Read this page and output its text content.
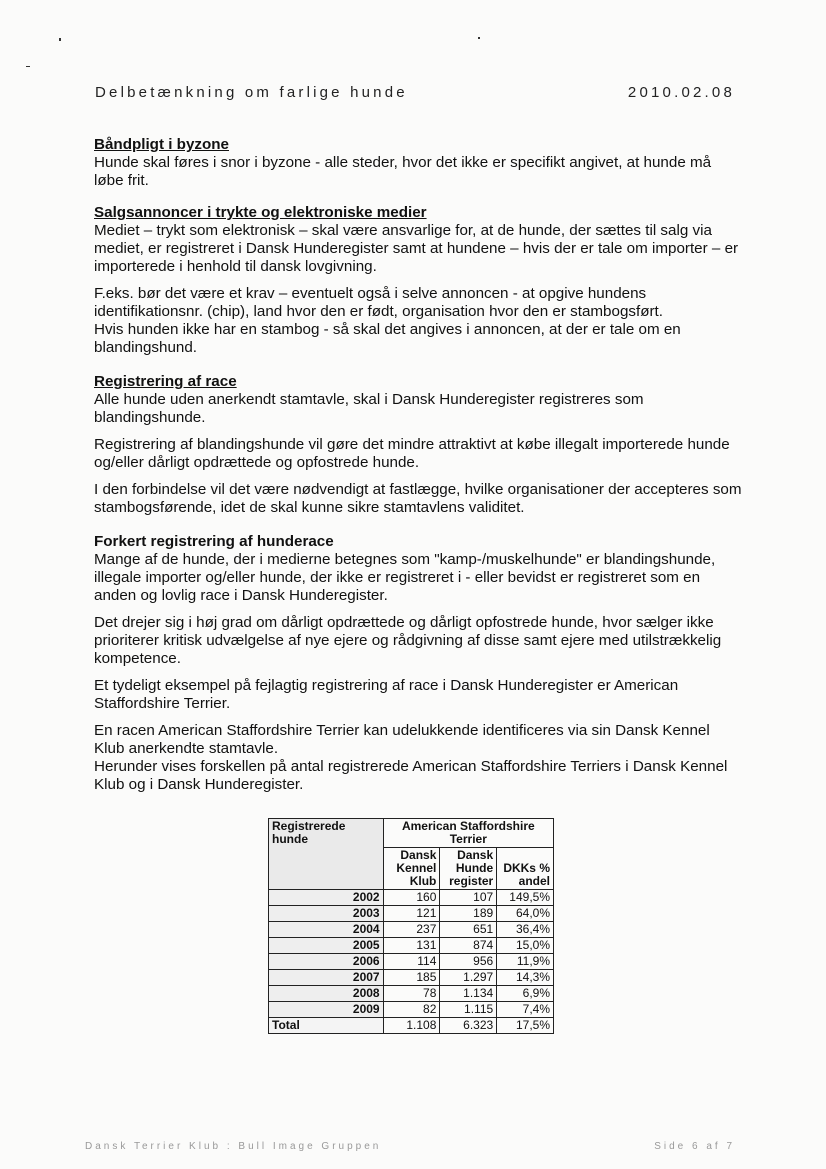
Delbetænkning om farlige hunde	2010.02.08
Båndpligt i byzone

Hunde skal føres i snor i byzone - alle steder, hvor det ikke er specifikt angivet, at hunde må løbe frit.

Salgsannoncer i trykte og elektroniske medier

Mediet – trykt som elektronisk – skal være ansvarlige for, at de hunde, der sættes til salg via mediet, er registreret i Dansk Hunderegister samt at hundene – hvis der er tale om importer – er importerede i henhold til dansk lovgivning.

F.eks. bør det være et krav – eventuelt også i selve annoncen - at opgive hundens identifikationsnr. (chip), land hvor den er født, organisation hvor den er stambogsført.

Hvis hunden ikke har en stambog - så skal det angives i annoncen, at der er tale om en blandingshund.

Registrering af race

Alle hunde uden anerkendt stamtavle, skal i Dansk Hunderegister registreres som blandingshunde.

Registrering af blandingshunde vil gøre det mindre attraktivt at købe illegalt importerede hunde og/eller dårligt opdrættede og opfostrede hunde.

I den forbindelse vil det være nødvendigt at fastlægge, hvilke organisationer der accepteres som stambogsførende, idet de skal kunne sikre stamtavlens validitet.

Forkert registrering af hunderace

Mange af de hunde, der i medierne betegnes som "kamp-/muskelhunde" er blandingshunde, illegale importer og/eller hunde, der ikke er registreret i - eller bevidst er registreret som en anden og lovlig race i Dansk Hunderegister.

Det drejer sig i høj grad om dårligt opdrættede og dårligt opfostrede hunde, hvor sælger ikke prioriterer kritisk udvælgelse af nye ejere og rådgivning af disse samt ejere med utilstrækkelig kompetence.

Et tydeligt eksempel på fejlagtig registrering af race i Dansk Hunderegister er American Staffordshire Terrier.

En racen American Staffordshire Terrier kan udelukkende identificeres via sin Dansk Kennel Klub anerkendte stamtavle.

Herunder vises forskellen på antal registrerede American Staffordshire Terriers i Dansk Kennel Klub og i Dansk Hunderegister.

Registrerede hunde	American Staffordshire Terrier		
	Dansk Kennel Klub	Dansk Hunde register	DKKs % andel
2002	160	107	149,5%
2003	121	189	64,0%
2004	237	651	36,4%
2005	131	874	15,0%
2006	114	956	11,9%
2007	185	1.297	14,3%
2008	78	1.134	6,9%
2009	82	1.115	7,4%
Total	1.108	6.323	17,5%
Dansk Terrier Klub : Bull Image Gruppen	Side 6 af 7
